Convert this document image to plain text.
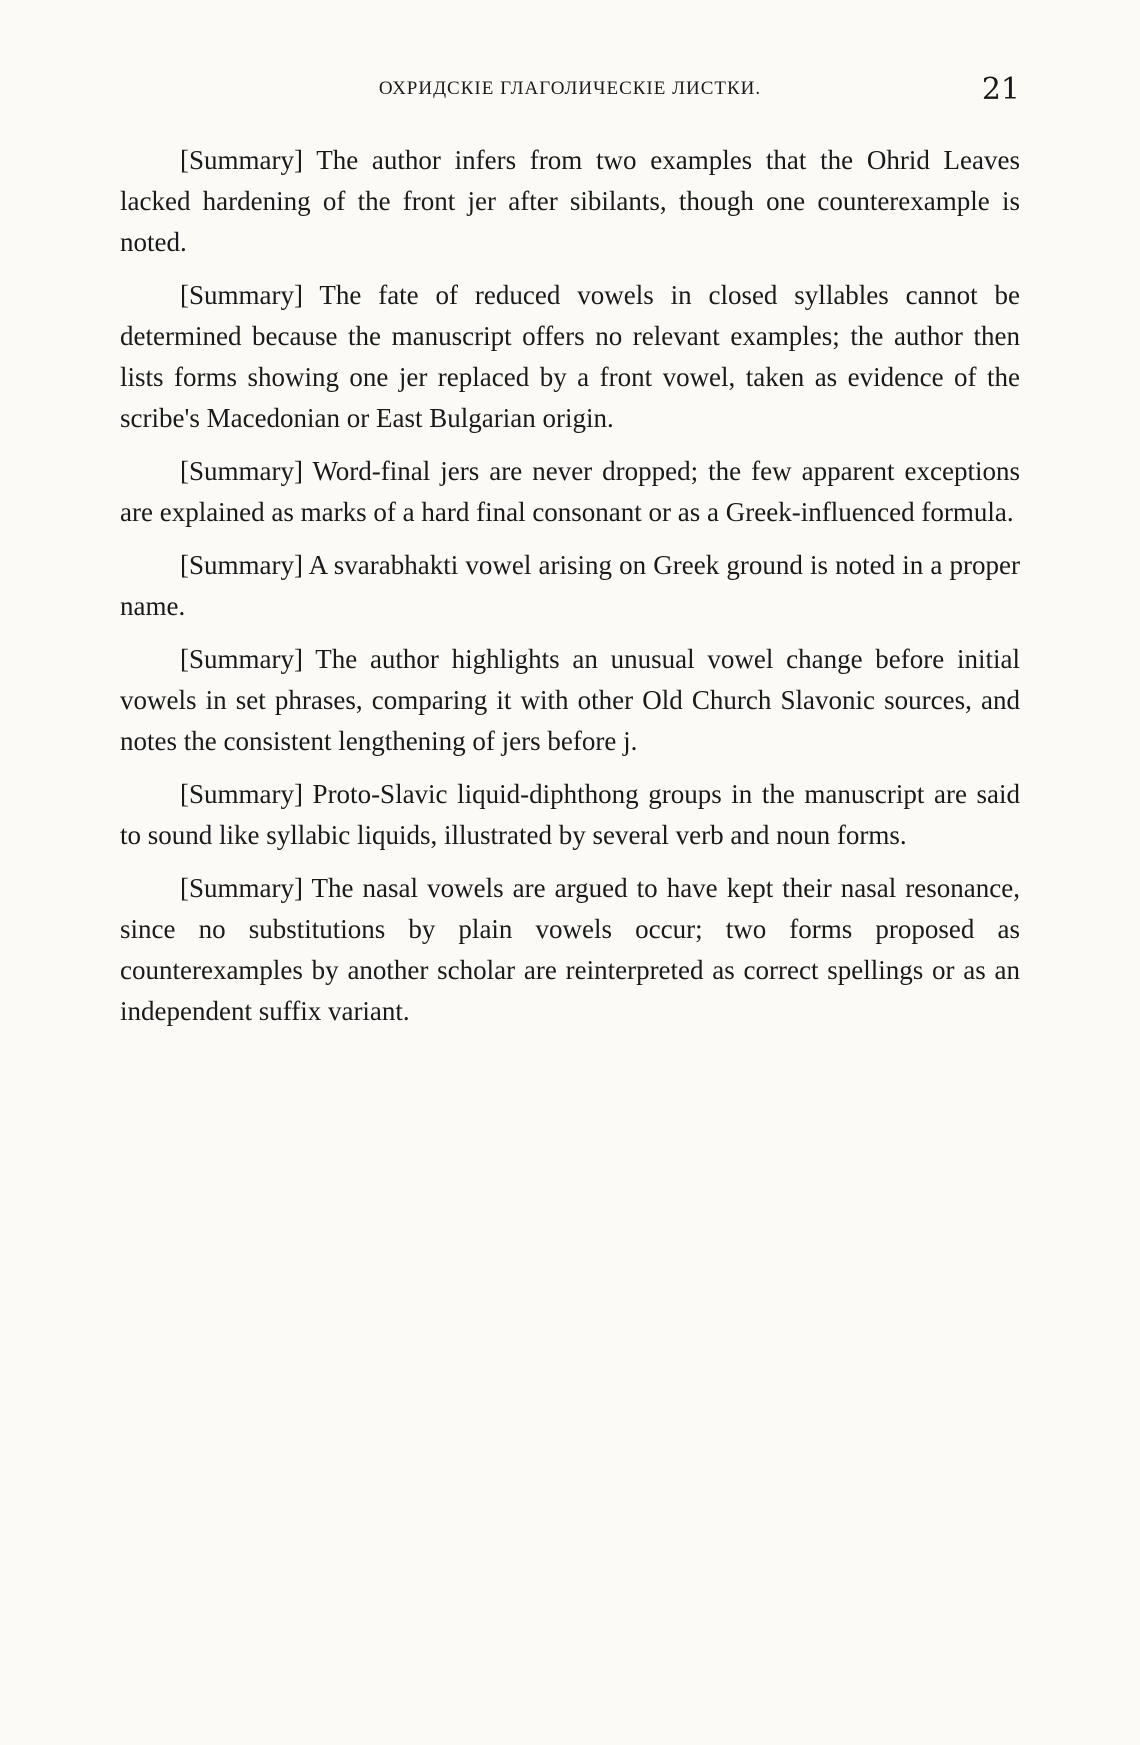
ОХРИДСКІЕ ГЛАГОЛИЧЕСКІЕ ЛИСТКИ.	21

[Summary] The author infers from two examples that the Ohrid Leaves lacked hardening of the front jer after sibilants, though one counterexample is noted.

[Summary] The fate of reduced vowels in closed syllables cannot be determined because the manuscript offers no relevant examples; the author then lists forms showing one jer replaced by a front vowel, taken as evidence of the scribe's Macedonian or East Bulgarian origin.

[Summary] Word-final jers are never dropped; the few apparent exceptions are explained as marks of a hard final consonant or as a Greek-influenced formula.

[Summary] A svarabhakti vowel arising on Greek ground is noted in a proper name.

[Summary] The author highlights an unusual vowel change before initial vowels in set phrases, comparing it with other Old Church Slavonic sources, and notes the consistent lengthening of jers before j.

[Summary] Proto-Slavic liquid-diphthong groups in the manuscript are said to sound like syllabic liquids, illustrated by several verb and noun forms.

[Summary] The nasal vowels are argued to have kept their nasal resonance, since no substitutions by plain vowels occur; two forms proposed as counterexamples by another scholar are reinterpreted as correct spellings or as an independent suffix variant.
